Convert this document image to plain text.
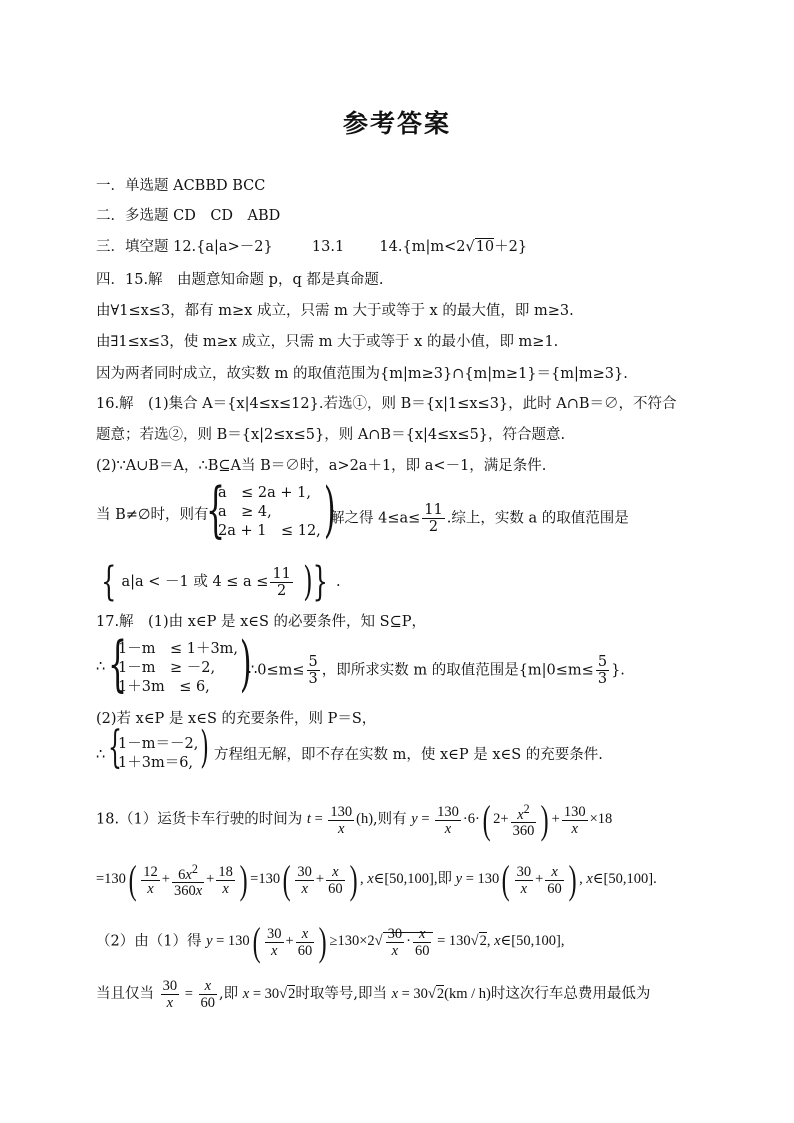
参考答案
一．单选题 ACBBD BCC
二．多选题 CD　CD　ABD
三．填空题 12.{a|a>－2}	13.1 14.{m|m<2√10＋2}
四．15.解　由题意知命题 p，q 都是真命题.
由∀1≤x≤3，都有 m≥x 成立，只需 m 大于或等于 x 的最大值，即 m≥3.
由∃1≤x≤3，使 m≥x 成立，只需 m 大于或等于 x 的最小值，即 m≥1.
因为两者同时成立，故实数 m 的取值范围为{m|m≥3}∩{m|m≥1}＝{m|m≥3}.
16.解　(1)集合 A＝{x|4≤x≤12}.若选①，则 B＝{x|1≤x≤3}，此时 A∩B＝∅，不符合
题意；若选②，则 B＝{x|2≤x≤5}，则 A∩B＝{x|4≤x≤5}，符合题意.
(2)∵A∪B＝A，∴B⊆A当 B＝∅时，a>2a＋1，即 a<－1，满足条件.
当 B≠∅时，则有
{
a　≤ 2a + 1,
a　≥ 4,
2a + 1　≤ 12, )
解之得 $4\le a\le \frac{11}{2}$ .综上，实数 a 的取值范围是
{ a|a < －1 或 $4 \le a \le \frac{11}{2}$ )} .
17.解　(1)由 x∈P 是 x∈S 的必要条件，知 S⊆P，
∴ {
1－m　≤ 1＋3m,
1－m　≥ －2,
1＋3m　≤ 6, )
∴0≤m≤ $\frac{5}{3}$ ，即所求实数 m 的取值范围是{$m|0\le m\le \frac{5}{3}$ }.
(2)若 x∈P 是 x∈S 的充要条件，则 P＝S，
∴ {
1－m＝－2,
1＋3m＝6, ) 方程组无解，即不存在实数 m，使 x∈P 是 x∈S 的充要条件.
18.（1）运货卡车行驶的时间为 $t = \frac{130}{x} (h)$,则有 $y = \frac{130}{x} \cdot 6\cdot$( $2+ \frac{x^2}{360}$ ) + $\frac{130}{x} \times 18$
$=130( \frac{12}{x} + \frac{6x^2}{360x} + \frac{18}{x}$ ) $=130( \frac{30}{x} + \frac{x}{60}$ ) , x∈[50,100],即 $y = 130( \frac{30}{x} + \frac{x}{60}$ ) , x∈[50,100].
（2）由（1）得 $y = 130( \frac{30}{x} + \frac{x}{60}$ ) $\ge 130\times 2√ \frac{30}{x} \cdot \frac{x}{60} = 130√2$, x∈[50,100],
当且仅当 $\frac{30}{x} = \frac{x}{60}$ ,即 x = 30√2时取等号,即当 x = 30√2(km / h)时这次行车总费用最低为
